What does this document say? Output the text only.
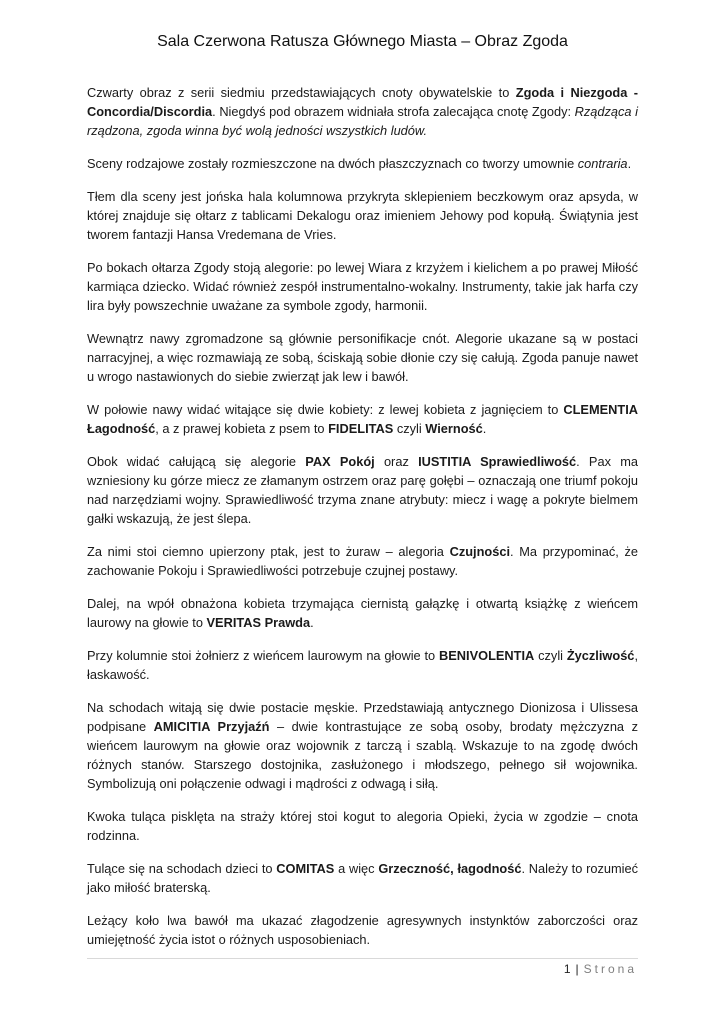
Sala Czerwona Ratusza Głównego Miasta – Obraz Zgoda

Czwarty obraz z serii siedmiu przedstawiających cnoty obywatelskie to Zgoda i Niezgoda - Concordia/Discordia. Niegdyś pod obrazem widniała strofa zalecająca cnotę Zgody: Rządząca i rządzona, zgoda winna być wolą jedności wszystkich ludów.

Sceny rodzajowe zostały rozmieszczone na dwóch płaszczyznach co tworzy umownie contraria.

Tłem dla sceny jest jońska hala kolumnowa przykryta sklepieniem beczkowym oraz apsyda, w której znajduje się ołtarz z tablicami Dekalogu oraz imieniem Jehowy pod kopułą. Świątynia jest tworem fantazji Hansa Vredemana de Vries.

Po bokach ołtarza Zgody stoją alegorie: po lewej Wiara z krzyżem i kielichem a po prawej Miłość karmiąca dziecko. Widać również zespół instrumentalno-wokalny. Instrumenty, takie jak harfa czy lira były powszechnie uważane za symbole zgody, harmonii.

Wewnątrz nawy zgromadzone są głównie personifikacje cnót. Alegorie ukazane są w postaci narracyjnej, a więc rozmawiają ze sobą, ściskają sobie dłonie czy się całują. Zgoda panuje nawet u wrogo nastawionych do siebie zwierząt jak lew i bawół.

W połowie nawy widać witające się dwie kobiety: z lewej kobieta z jagnięciem to CLEMENTIA Łagodność, a z prawej kobieta z psem to FIDELITAS czyli Wierność.

Obok widać całującą się alegorie PAX Pokój oraz IUSTITIA Sprawiedliwość. Pax ma wzniesiony ku górze miecz ze złamanym ostrzem oraz parę gołębi – oznaczają one triumf pokoju nad narzędziami wojny. Sprawiedliwość trzyma znane atrybuty: miecz i wagę a pokryte bielmem gałki wskazują, że jest ślepa.

Za nimi stoi ciemno upierzony ptak, jest to żuraw – alegoria Czujności. Ma przypominać, że zachowanie Pokoju i Sprawiedliwości potrzebuje czujnej postawy.

Dalej, na wpół obnażona kobieta trzymająca ciernistą gałązkę i otwartą książkę z wieńcem laurowy na głowie to VERITAS Prawda.

Przy kolumnie stoi żołnierz z wieńcem laurowym na głowie to BENIVOLENTIA czyli Życzliwość, łaskawość.

Na schodach witają się dwie postacie męskie. Przedstawiają antycznego Dionizosa i Ulissesa podpisane AMICITIA Przyjaźń – dwie kontrastujące ze sobą osoby, brodaty mężczyzna z wieńcem laurowym na głowie oraz wojownik z tarczą i szablą. Wskazuje to na zgodę dwóch różnych stanów. Starszego dostojnika, zasłużonego i młodszego, pełnego sił wojownika. Symbolizują oni połączenie odwagi i mądrości z odwagą i siłą.

Kwoka tuląca pisklęta na straży której stoi kogut to alegoria Opieki, życia w zgodzie – cnota rodzinna.

Tulące się na schodach dzieci to COMITAS a więc Grzeczność, łagodność. Należy to rozumieć jako miłość braterską.

Leżący koło lwa bawół ma ukazać złagodzenie agresywnych instynktów zaborczości oraz umiejętność życia istot o różnych usposobieniach.

1 | Strona
